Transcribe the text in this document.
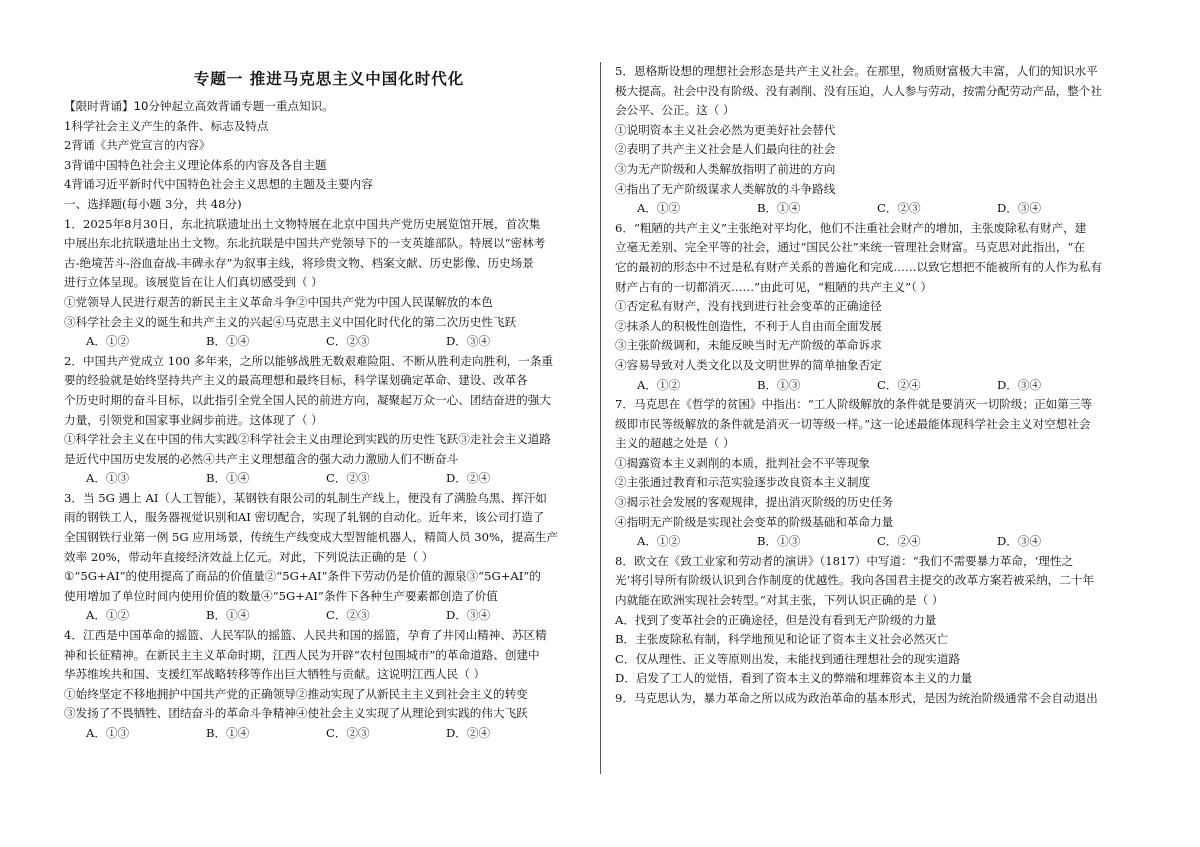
专题一 推进马克思主义中国化时代化

【限时背诵】10分钟起立高效背诵专题一重点知识。

1科学社会主义产生的条件、标志及特点

2背诵《共产党宣言的内容》

3背诵中国特色社会主义理论体系的内容及各自主题

4背诵习近平新时代中国特色社会主义思想的主题及主要内容

一、选择题(每小题 3分，共 48分)

1．2025年8月30日，东北抗联遗址出土文物特展在北京中国共产党历史展览馆开展，首次集

中展出东北抗联遗址出土文物。东北抗联是中国共产党领导下的一支英雄部队。特展以“密林考

古-绝境苦斗-浴血奋战-丰碑永存”为叙事主线，将珍贵文物、档案文献、历史影像、历史场景

进行立体呈现。该展览旨在让人们真切感受到（ ）

①党领导人民进行艰苦的新民主主义革命斗争②中国共产党为中国人民谋解放的本色

③科学社会主义的诞生和共产主义的兴起④马克思主义中国化时代化的第二次历史性飞跃

A．①②	B．①④	C．②③	D．③④

2．中国共产党成立 100 多年来，之所以能够战胜无数艰难险阻、不断从胜利走向胜利，一条重

要的经验就是始终坚持共产主义的最高理想和最终目标，科学谋划确定革命、建设、改革各

个历史时期的奋斗目标，以此指引全党全国人民的前进方向，凝聚起万众一心、团结奋进的强大

力量，引领党和国家事业阔步前进。这体现了（ ）

①科学社会主义在中国的伟大实践②科学社会主义由理论到实践的历史性飞跃③走社会主义道路

是近代中国历史发展的必然④共产主义理想蕴含的强大动力激励人们不断奋斗

A．①③	B．①④	C．②③	D．②④

3．当 5G 遇上 AI（人工智能），某钢铁有限公司的轧制生产线上，便没有了满脸乌黑、挥汗如

雨的钢铁工人，服务器视觉识别和AI 密切配合，实现了轧钢的自动化。近年来，该公司打造了

全国钢铁行业第一例 5G 应用场景，传统生产线变成大型智能机器人，精简人员 30%，提高生产

效率 20%，带动年直接经济效益上亿元。对此，下列说法正确的是（ ）

①“5G+AI”的使用提高了商品的价值量②“5G+AI”条件下劳动仍是价值的源泉③“5G+AI”的

使用增加了单位时间内使用价值的数量④“5G+AI”条件下各种生产要素都创造了价值

A．①②	B．①④	C．②③	D．③④

4．江西是中国革命的摇篮、人民军队的摇篮、人民共和国的摇篮，孕育了井冈山精神、苏区精

神和长征精神。在新民主主义革命时期，江西人民为开辟“农村包围城市”的革命道路、创建中

华苏维埃共和国、支援红军战略转移等作出巨大牺牲与贡献。这说明江西人民（ ）

①始终坚定不移地拥护中国共产党的正确领导②推动实现了从新民主主义到社会主义的转变

③发扬了不畏牺牲、团结奋斗的革命斗争精神④使社会主义实现了从理论到实践的伟大飞跃

A．①③	B．①④	C．②③	D．②④

5．恩格斯设想的理想社会形态是共产主义社会。在那里，物质财富极大丰富，人们的知识水平

极大提高。社会中没有阶级、没有剥削、没有压迫，人人参与劳动，按需分配劳动产品，整个社

会公平、公正。这（ ）

①说明资本主义社会必然为更美好社会替代

②表明了共产主义社会是人们最向往的社会

③为无产阶级和人类解放指明了前进的方向

④指出了无产阶级谋求人类解放的斗争路线

A．①②	B．①④	C．②③	D．③④

6．“粗陋的共产主义”主张绝对平均化，他们不注重社会财产的增加，主张废除私有财产，建

立毫无差别、完全平等的社会，通过“国民公社”来统一管理社会财富。马克思对此指出，“在

它的最初的形态中不过是私有财产关系的普遍化和完成……以致它想把不能被所有的人作为私有

财产占有的一切都消灭……”由此可见，“粗陋的共产主义”（ ）

①否定私有财产，没有找到进行社会变革的正确途径

②抹杀人的积极性创造性，不利于人自由而全面发展

③主张阶级调和，未能反映当时无产阶级的革命诉求

④容易导致对人类文化以及文明世界的简单抽象否定

A．①②	B．①③	C．②④	D．③④

7．马克思在《哲学的贫困》中指出：“工人阶级解放的条件就是要消灭一切阶级；正如第三等

级即市民等级解放的条件就是消灭一切等级一样。”这一论述最能体现科学社会主义对空想社会

主义的超越之处是（ ）

①揭露资本主义剥削的本质，批判社会不平等现象

②主张通过教育和示范实验逐步改良资本主义制度

③揭示社会发展的客观规律，提出消灭阶级的历史任务

④指明无产阶级是实现社会变革的阶级基础和革命力量

A．①②	B．①③	C．②④	D．③④

8．欧文在《致工业家和劳动者的演讲》（1817）中写道：“我们不需要暴力革命，‘理性之

光’将引导所有阶级认识到合作制度的优越性。我向各国君主提交的改革方案若被采纳，二十年

内就能在欧洲实现社会转型。”对其主张，下列认识正确的是（ ）

A．找到了变革社会的正确途径，但是没有看到无产阶级的力量

B．主张废除私有制，科学地预见和论证了资本主义社会必然灭亡

C．仅从理性、正义等原则出发，未能找到通往理想社会的现实道路

D．启发了工人的觉悟，看到了资本主义的弊端和埋葬资本主义的力量

9．马克思认为，暴力革命之所以成为政治革命的基本形式，是因为统治阶级通常不会自动退出
